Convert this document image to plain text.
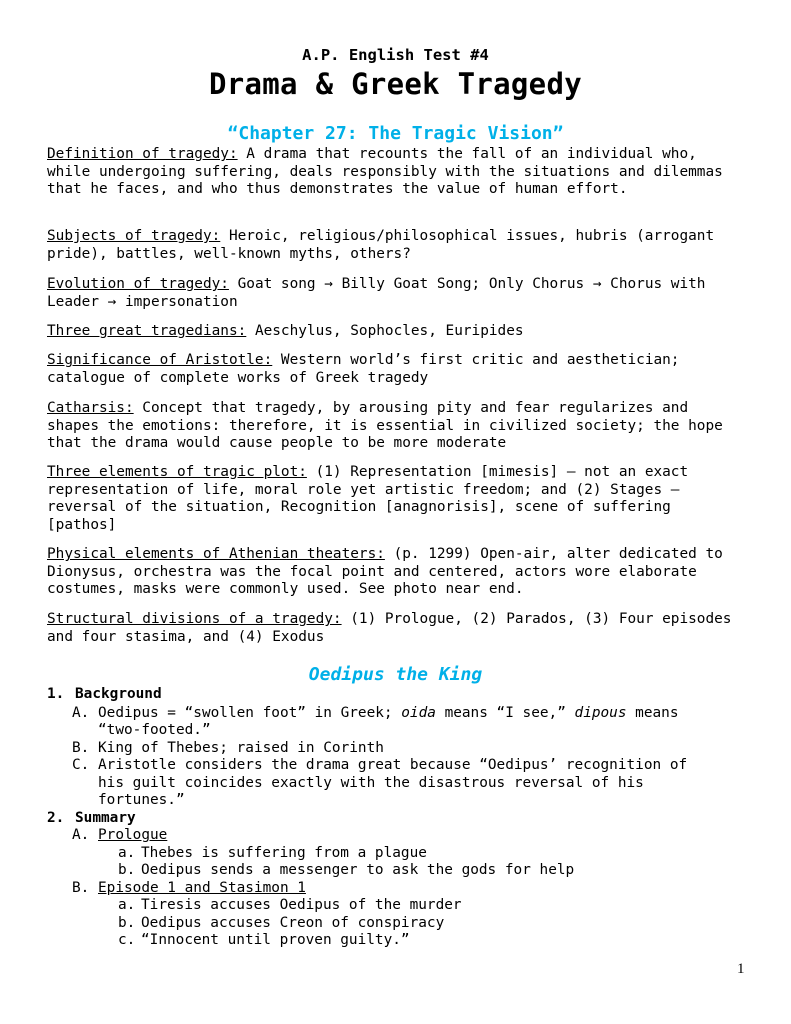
A.P. English Test #4
Drama & Greek Tragedy
“Chapter 27: The Tragic Vision”
Definition of tragedy: A drama that recounts the fall of an individual who, while undergoing suffering, deals responsibly with the situations and dilemmas that he faces, and who thus demonstrates the value of human effort.
Subjects of tragedy: Heroic, religious/philosophical issues, hubris (arrogant pride), battles, well-known myths, others?
Evolution of tragedy: Goat song → Billy Goat Song; Only Chorus → Chorus with Leader → impersonation
Three great tragedians: Aeschylus, Sophocles, Euripides
Significance of Aristotle: Western world’s first critic and aesthetician; catalogue of complete works of Greek tragedy
Catharsis: Concept that tragedy, by arousing pity and fear regularizes and shapes the emotions: therefore, it is essential in civilized society; the hope that the drama would cause people to be more moderate
Three elements of tragic plot: (1) Representation [mimesis] – not an exact representation of life, moral role yet artistic freedom; and (2) Stages – reversal of the situation, Recognition [anagnorisis], scene of suffering [pathos]
Physical elements of Athenian theaters: (p. 1299) Open-air, alter dedicated to Dionysus, orchestra was the focal point and centered, actors wore elaborate costumes, masks were commonly used. See photo near end.
Structural divisions of a tragedy: (1) Prologue, (2) Parados, (3) Four episodes and four stasima, and (4) Exodus
Oedipus the King
1. Background
A. Oedipus = “swollen foot” in Greek; oida means “I see,” dipous means
“two-footed.”
B. King of Thebes; raised in Corinth
C. Aristotle considers the drama great because “Oedipus’ recognition of
his guilt coincides exactly with the disastrous reversal of his
fortunes.”
2. Summary
A. Prologue
a. Thebes is suffering from a plague
b. Oedipus sends a messenger to ask the gods for help
B. Episode 1 and Stasimon 1
a. Tiresis accuses Oedipus of the murder
b. Oedipus accuses Creon of conspiracy
c. “Innocent until proven guilty.”
1
